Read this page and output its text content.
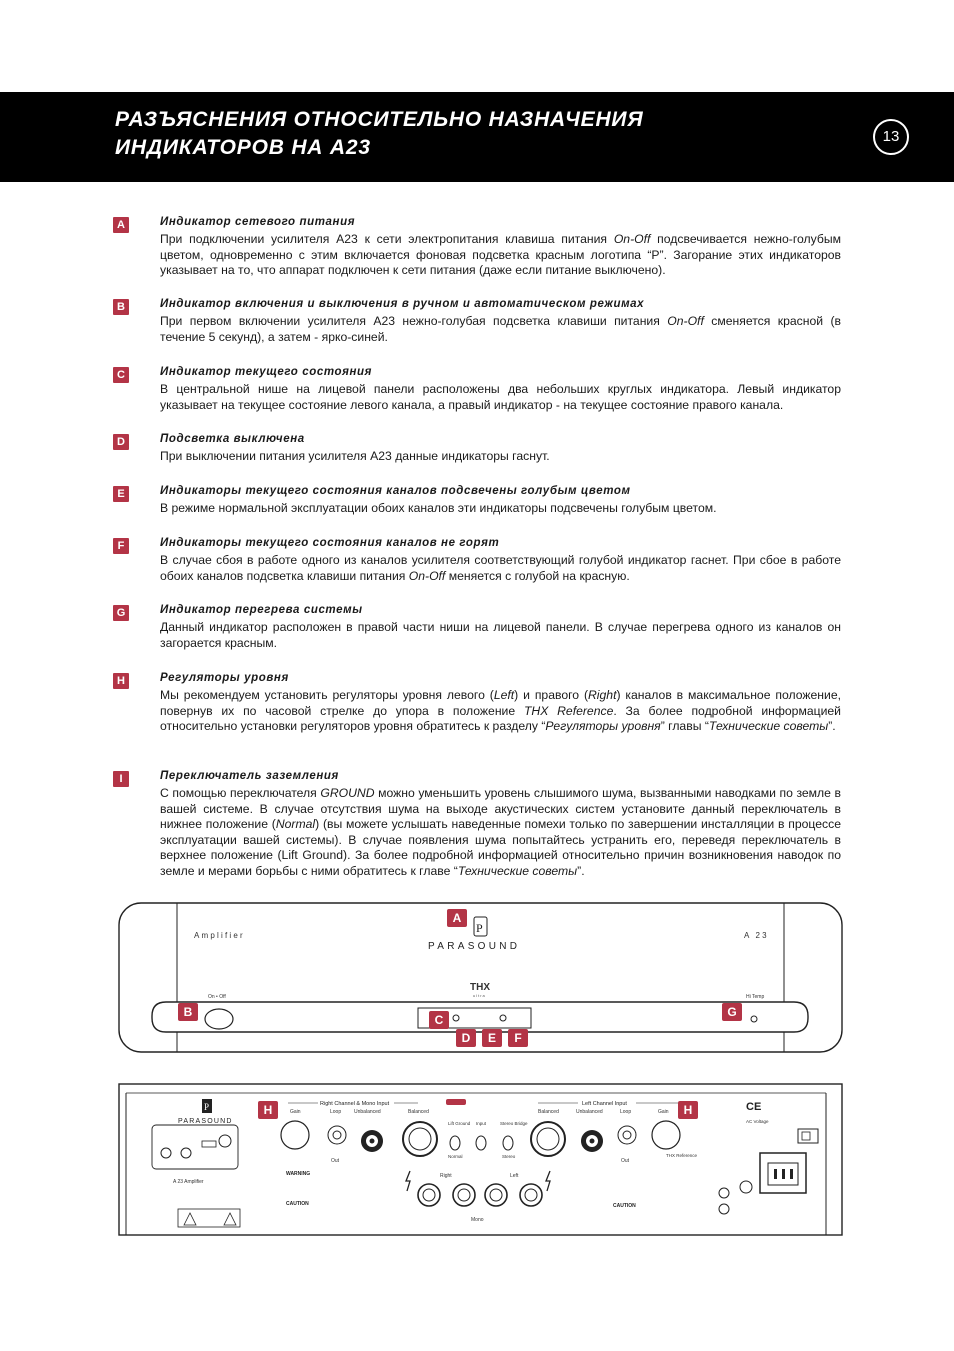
РАЗЪЯСНЕНИЯ ОТНОСИТЕЛЬНО НАЗНАЧЕНИЯ
ИНДИКАТОРОВ НА А23	13
A	Индикатор сетевого питания
При подключении усилителя A23 к сети электропитания клавиша питания On-Off подсвечивается нежно-голубым цветом, одновременно с этим включается фоновая подсветка красным логотипа “P”. Загорание этих индикаторов указывает на то, что аппарат подключен к сети питания (даже если питание выключено).
B	Индикатор включения и выключения в ручном и автоматическом режимах
При первом включении усилителя A23 нежно-голубая подсветка клавиши питания On-Off сменяется красной (в течение 5 секунд), а затем - ярко-синей.
C	Индикатор текущего состояния
В центральной нише на лицевой панели расположены два небольших круглых индикатора. Левый индикатор указывает на текущее состояние левого канала, а правый индикатор - на текущее состояние правого канала.
D	Подсветка выключена
При выключении питания усилителя A23 данные индикаторы гаснут.
E	Индикаторы текущего состояния каналов подсвечены голубым цветом
В режиме нормальной эксплуатации обоих каналов эти индикаторы подсвечены голубым цветом.
F	Индикаторы текущего состояния каналов не горят
В случае сбоя в работе одного из каналов усилителя соответствующий голубой индикатор гаснет. При сбое в работе обоих каналов подсветка клавиши питания On-Off меняется с голубой на красную.
G	Индикатор перегрева системы
Данный индикатор расположен в правой части ниши на лицевой панели. В случае перегрева одного из каналов он загорается красным.
H	Регуляторы уровня
Мы рекомендуем установить регуляторы уровня левого (Left) и правого (Right) каналов в максимальное положение, повернув их по часовой стрелке до упора в положение THX Reference. За более подробной информацией относительно установки регуляторов уровня обратитесь к разделу “Регуляторы уровня” главы “Технические советы”.
I	Переключатель заземления
С помощью переключателя GROUND можно уменьшить уровень слышимого шума, вызванными наводками по земле в вашей системе. В случае отсутствия шума на выходе акустических систем установите данный переключатель в нижнее положение (Normal) (вы можете услышать наведенные помехи только по завершении инсталляции в процессе эксплуатации вашей системы). В случае появления шума попытайтесь устранить его, переведя переключатель в верхнее положение (Lift Ground). За более подробной информацией относительно причин возникновения наводок по земле и мерами борьбы с ними обратитесь к главе “Технические советы”.
Amplifier	A 23
P
PARASOUND
THX
ultra
On • Off	Hi Temp
A
B
C
D	E	F
G
P
PARASOUND
A 23 Amplifier
Right Channel & Mono Input
Gain	Loop
Out
Unbalanced	Balanced
Lift Ground
Normal
Input	Stereo Bridge
Stereo
Left Channel Input
Balanced	Unbalanced	Loop
Out
Gain
THX Reference
Right	Left
Mono
WARNING
CAUTION	CAUTION
CE
AC Voltage
H	H
